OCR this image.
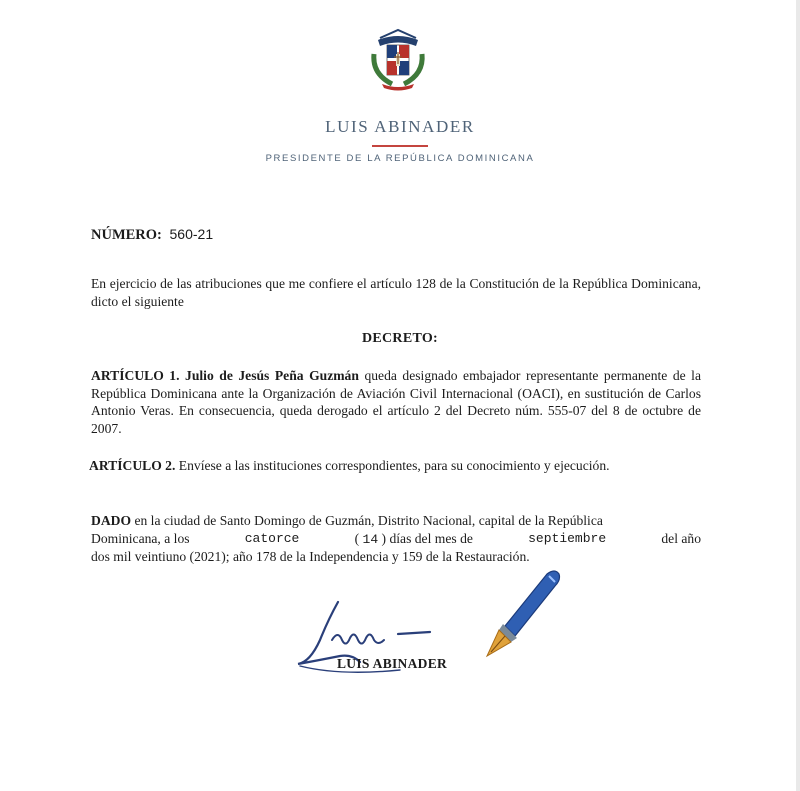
LUIS ABINADER
PRESIDENTE DE LA REPÚBLICA DOMINICANA
NÚMERO: 560-21
En ejercicio de las atribuciones que me confiere el artículo 128 de la Constitución de la República Dominicana, dicto el siguiente
DECRETO:
ARTÍCULO 1. Julio de Jesús Peña Guzmán queda designado embajador representante permanente de la República Dominicana ante la Organización de Aviación Civil Internacional (OACI), en sustitución de Carlos Antonio Veras. En consecuencia, queda derogado el artículo 2 del Decreto núm. 555-07 del 8 de octubre de 2007.
ARTÍCULO 2. Envíese a las instituciones correspondientes, para su conocimiento y ejecución.
DADO en la ciudad de Santo Domingo de Guzmán, Distrito Nacional, capital de la República
Dominicana, a los	catorce	( 14 ) días del mes de	septiembre	del año
dos mil veintiuno (2021); año 178 de la Independencia y 159 de la Restauración.
LUIS ABINADER
